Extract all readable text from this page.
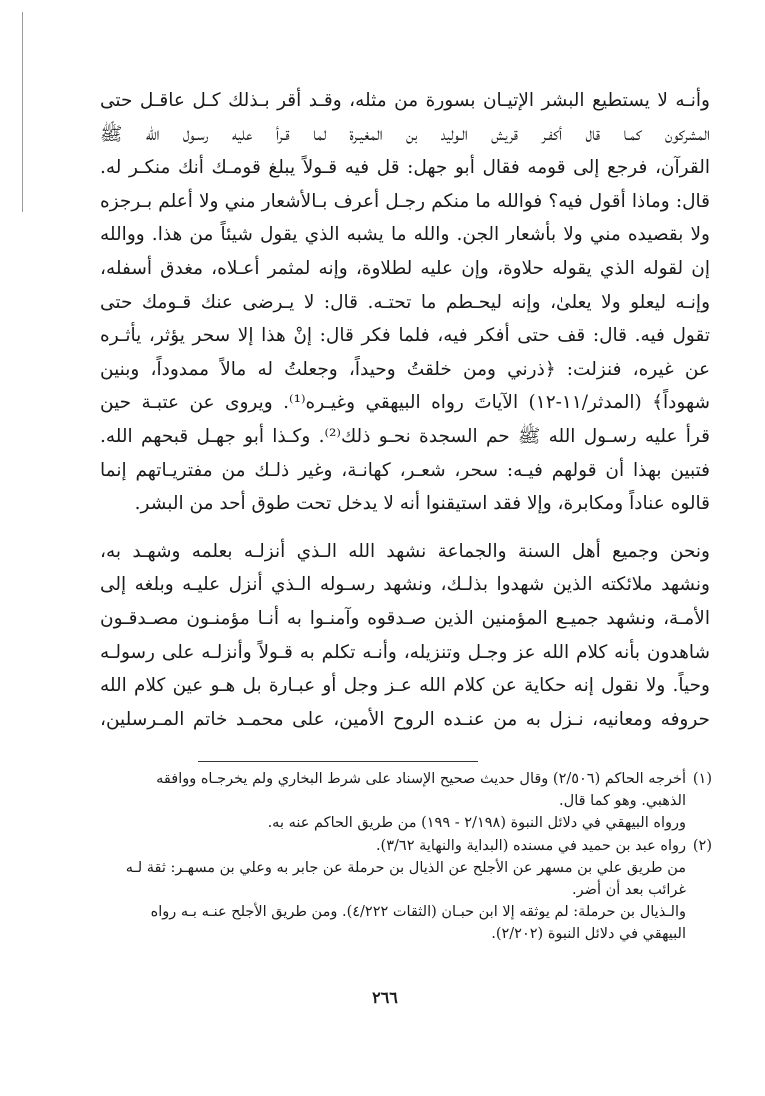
وأنـه لا يستطيع البشر الإتيـان بسورة من مثله، وقـد أقر بـذلك كـل عاقـل حتى
المشركون كمـا قال أكفـر قريش الـوليد بن المغيـرة لما قـرأ عليه رسـول الله ﷺ
القرآن، فرجع إلى قومه فقال أبو جهل: قل فيه قـولاً يبلغ قومـك أنك منكـر له.
قال: وماذا أقول فيه؟ فوالله ما منكم رجـل أعرف بـالأشعار مني ولا أعلم بـرجزه
ولا بقصيده مني ولا بأشعار الجن. والله ما يشبه الذي يقول شيئاً من هذا. ووالله
إن لقوله الذي يقوله حلاوة، وإن عليه لطلاوة، وإنه لمثمر أعـلاه، مغدق أسفله،
وإنـه ليعلو ولا يعلىٰ، وإنه ليحـطم ما تحتـه. قال: لا يـرضى عنك قـومك حتى
تقول فيه. قال: قف حتى أفكر فيه، فلما فكر قال: إنْ هذا إلا سحر يؤثر، يأثـره
عن غيره، فنزلت: ﴿ذرني ومن خلقتُ وحيداً، وجعلتُ له مالاً ممدوداً، وبنين
شهوداً﴾ (المدثر/١١-١٢) الآياتَ رواه البيهقي وغيـره⁽¹⁾. ويروى عن عتبـة حين
قرأ عليه رسـول الله ﷺ حم السجدة نحـو ذلك⁽²⁾. وكـذا أبو جهـل قبحهم الله.
فتبين بهذا أن قولهم فيـه: سحر، شعـر، كهانـة، وغير ذلـك من مفتريـاتهم إنما
قالوه عناداً ومكابرة، وإلا فقد استيقنوا أنه لا يدخل تحت طوق أحد من البشر.

ونحن وجميع أهل السنة والجماعة نشهد الله الـذي أنزلـه بعلمه وشهـد به،
ونشهد ملائكته الذين شهدوا بذلـك، ونشهد رسـوله الـذي أنزل عليـه وبلغه إلى
الأمـة، ونشهد جميـع المؤمنين الذين صـدقوه وآمنـوا به أنـا مؤمنـون مصـدقـون
شاهدون بأنه كلام الله عز وجـل وتنزيله، وأنـه تكلم به قـولاً وأنزلـه على رسولـه
وحياً. ولا نقول إنه حكاية عن كلام الله عـز وجل أو عبـارة بل هـو عين كلام الله
حروفه ومعانيه، نـزل به من عنـده الروح الأمين، على محمـد خاتم المـرسلين،

(١)أخرجه الحاكم (٢/٥٠٦) وقال حديث صحيح الإسناد على شرط البخاري ولم يخرجـاه ووافقه
الذهبي. وهو كما قال.
ورواه البيهقي في دلائل النبوة (٢/١٩٨ - ١٩٩) من طريق الحاكم عنه به.
(٢)رواه عبد بن حميد في مسنده (البداية والنهاية ٣/٦٢).
من طريق علي بن مسهر عن الأجلح عن الذيال بن حرملة عن جابر به وعلي بن مسهـر: ثقة لـه
غرائب بعد أن أضر.
والـذيال بن حرملة: لم يوثقه إلا ابن حبـان (الثقات ٤/٢٢٢). ومن طريق الأجلح عنـه بـه رواه
البيهقي في دلائل النبوة (٢/٢٠٢).
٢٦٦
